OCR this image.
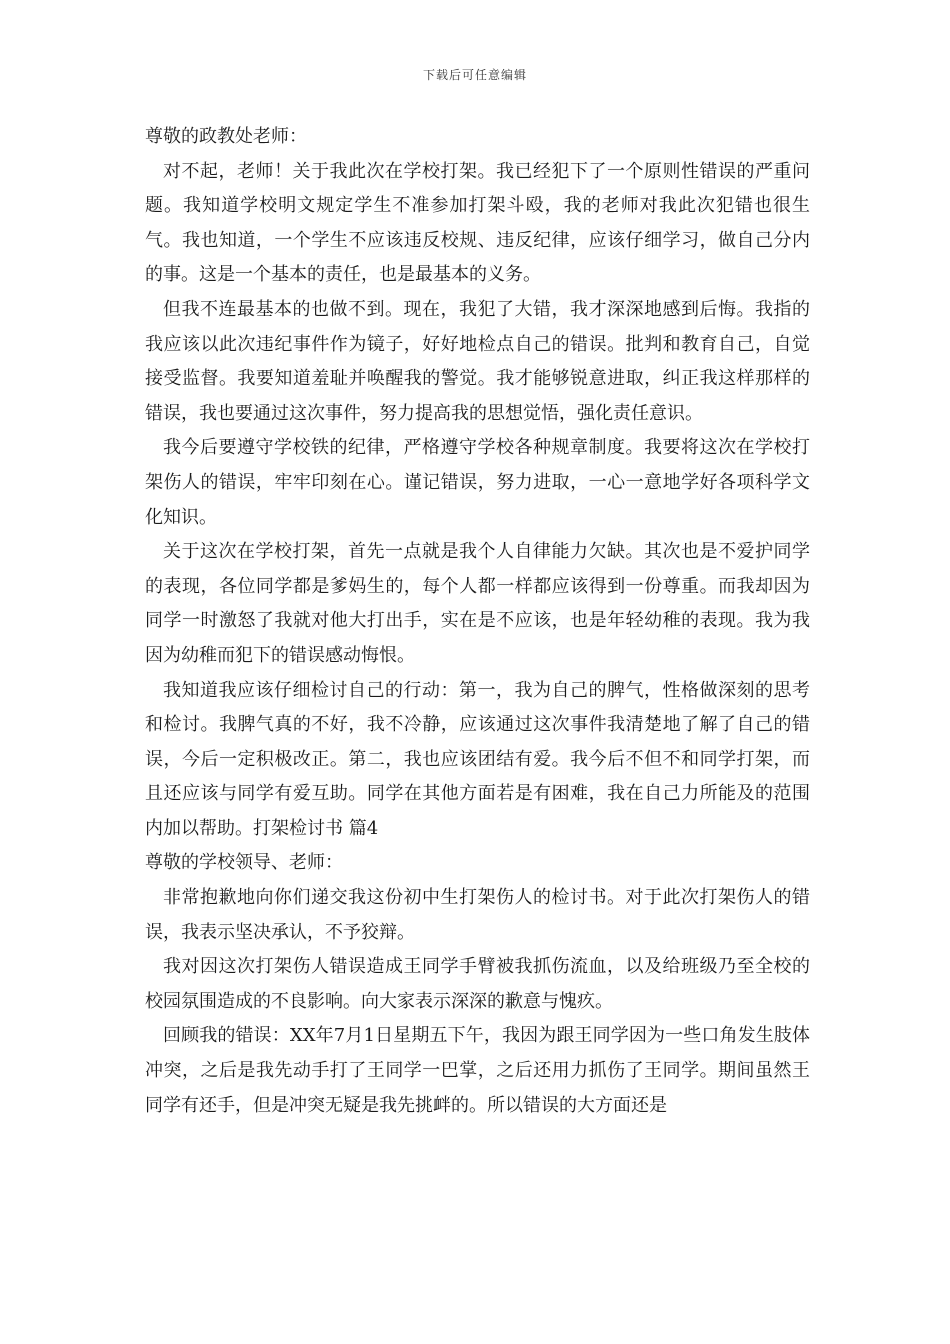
下载后可任意编辑

尊敬的政教处老师：

对不起，老师！关于我此次在学校打架。我已经犯下了一个原则性错误的严重问题。我知道学校明文规定学生不准参加打架斗殴，我的老师对我此次犯错也很生气。我也知道，一个学生不应该违反校规、违反纪律，应该仔细学习，做自己分内的事。这是一个基本的责任，也是最基本的义务。

但我不连最基本的也做不到。现在，我犯了大错，我才深深地感到后悔。我指的我应该以此次违纪事件作为镜子，好好地检点自己的错误。批判和教育自己，自觉接受监督。我要知道羞耻并唤醒我的警觉。我才能够锐意进取，纠正我这样那样的错误，我也要通过这次事件，努力提高我的思想觉悟，强化责任意识。

我今后要遵守学校铁的纪律，严格遵守学校各种规章制度。我要将这次在学校打架伤人的错误，牢牢印刻在心。谨记错误，努力进取，一心一意地学好各项科学文化知识。

关于这次在学校打架，首先一点就是我个人自律能力欠缺。其次也是不爱护同学的表现，各位同学都是爹妈生的，每个人都一样都应该得到一份尊重。而我却因为同学一时激怒了我就对他大打出手，实在是不应该，也是年轻幼稚的表现。我为我因为幼稚而犯下的错误感动悔恨。

我知道我应该仔细检讨自己的行动：第一，我为自己的脾气，性格做深刻的思考和检讨。我脾气真的不好，我不冷静，应该通过这次事件我清楚地了解了自己的错误，今后一定积极改正。第二，我也应该团结有爱。我今后不但不和同学打架，而且还应该与同学有爱互助。同学在其他方面若是有困难，我在自己力所能及的范围内加以帮助。打架检讨书 篇4

尊敬的学校领导、老师：

非常抱歉地向你们递交我这份初中生打架伤人的检讨书。对于此次打架伤人的错误，我表示坚决承认，不予狡辩。

我对因这次打架伤人错误造成王同学手臂被我抓伤流血，以及给班级乃至全校的校园氛围造成的不良影响。向大家表示深深的歉意与愧疚。

回顾我的错误：XX年7月1日星期五下午，我因为跟王同学因为一些口角发生肢体冲突，之后是我先动手打了王同学一巴掌，之后还用力抓伤了王同学。期间虽然王同学有还手，但是冲突无疑是我先挑衅的。所以错误的大方面还是
